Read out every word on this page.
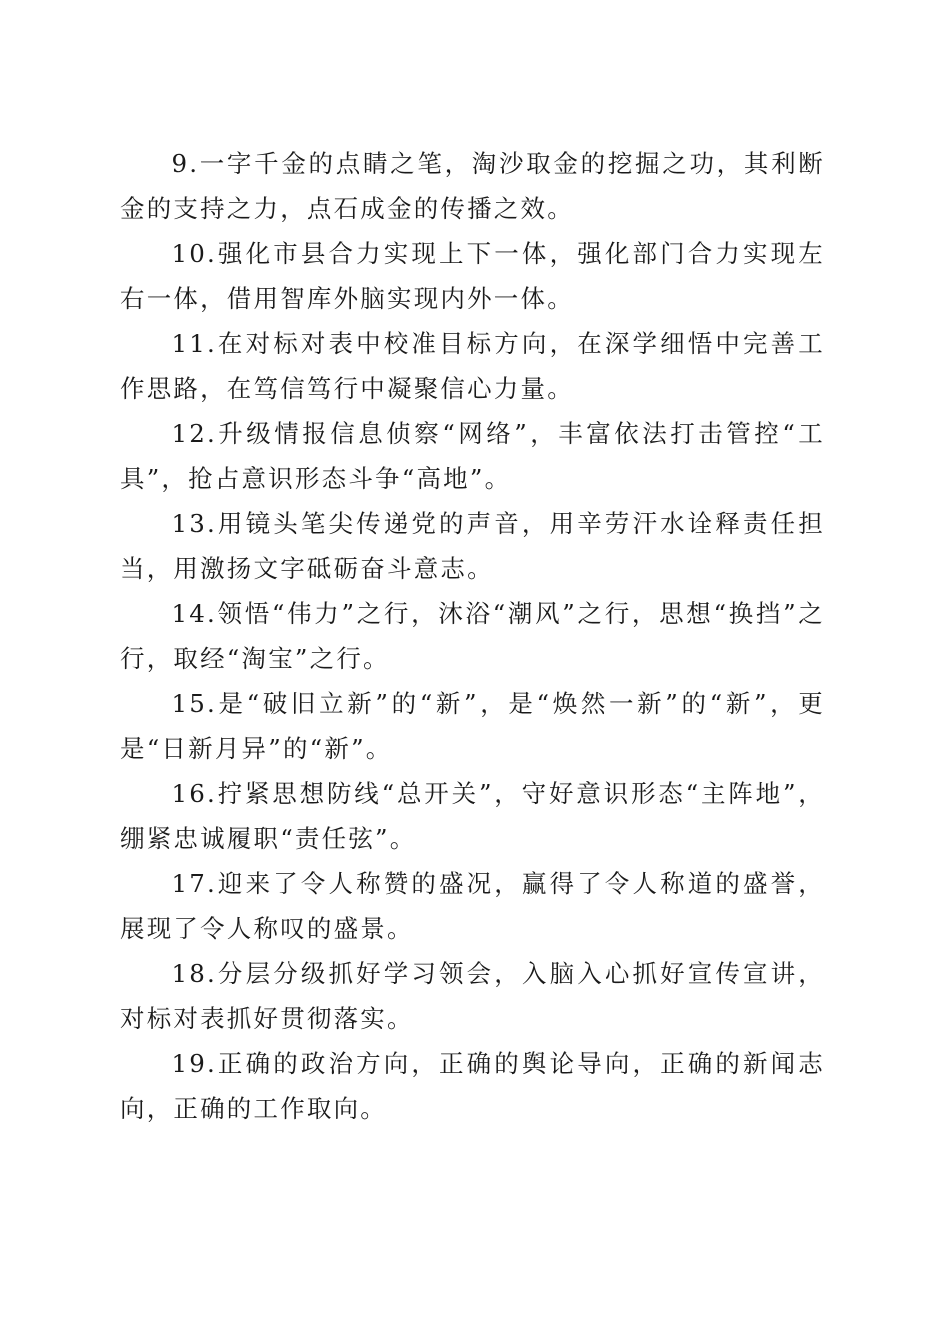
9.一字千金的点睛之笔，淘沙取金的挖掘之功，其利断金的支持之力，点石成金的传播之效。

10.强化市县合力实现上下一体，强化部门合力实现左右一体，借用智库外脑实现内外一体。

11.在对标对表中校准目标方向，在深学细悟中完善工作思路，在笃信笃行中凝聚信心力量。

12.升级情报信息侦察“网络”，丰富依法打击管控“工具”，抢占意识形态斗争“高地”。

13.用镜头笔尖传递党的声音，用辛劳汗水诠释责任担当，用激扬文字砥砺奋斗意志。

14.领悟“伟力”之行，沐浴“潮风”之行，思想“换挡”之行，取经“淘宝”之行。

15.是“破旧立新”的“新”，是“焕然一新”的“新”，更是“日新月异”的“新”。

16.拧紧思想防线“总开关”，守好意识形态“主阵地”，绷紧忠诚履职“责任弦”。

17.迎来了令人称赞的盛况，赢得了令人称道的盛誉，展现了令人称叹的盛景。

18.分层分级抓好学习领会，入脑入心抓好宣传宣讲，对标对表抓好贯彻落实。

19.正确的政治方向，正确的舆论导向，正确的新闻志向，正确的工作取向。
